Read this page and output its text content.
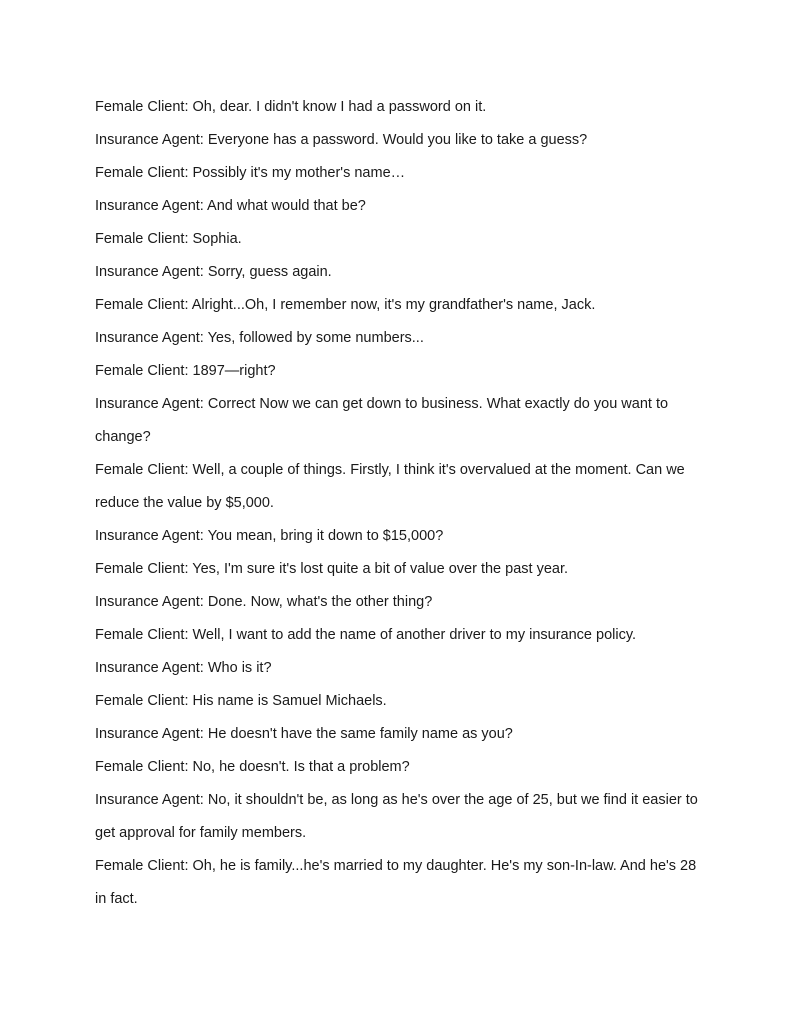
Female Client: Oh, dear. I didn't know I had a password on it.
Insurance Agent: Everyone has a password. Would you like to take a guess?
Female Client: Possibly it's my mother's name…
Insurance Agent: And what would that be?
Female Client: Sophia.
Insurance Agent: Sorry, guess again.
Female Client: Alright...Oh, I remember now, it's my grandfather's name, Jack.
Insurance Agent: Yes, followed by some numbers...
Female Client: 1897—right?
Insurance Agent: Correct Now we can get down to business. What exactly do you want to
change?
Female Client: Well, a couple of things. Firstly, I think it's overvalued at the moment. Can we
reduce the value by $5,000.
Insurance Agent: You mean, bring it down to $15,000?
Female Client: Yes, I'm sure it's lost quite a bit of value over the past year.
Insurance Agent: Done. Now, what's the other thing?
Female Client: Well, I want to add the name of another driver to my insurance policy.
Insurance Agent: Who is it?
Female Client: His name is Samuel Michaels.
Insurance Agent: He doesn't have the same family name as you?
Female Client: No, he doesn't. Is that a problem?
Insurance Agent: No, it shouldn't be, as long as he's over the age of 25, but we find it easier to
get approval for family members.
Female Client: Oh, he is family...he's married to my daughter. He's my son-In-law. And he's 28
in fact.
